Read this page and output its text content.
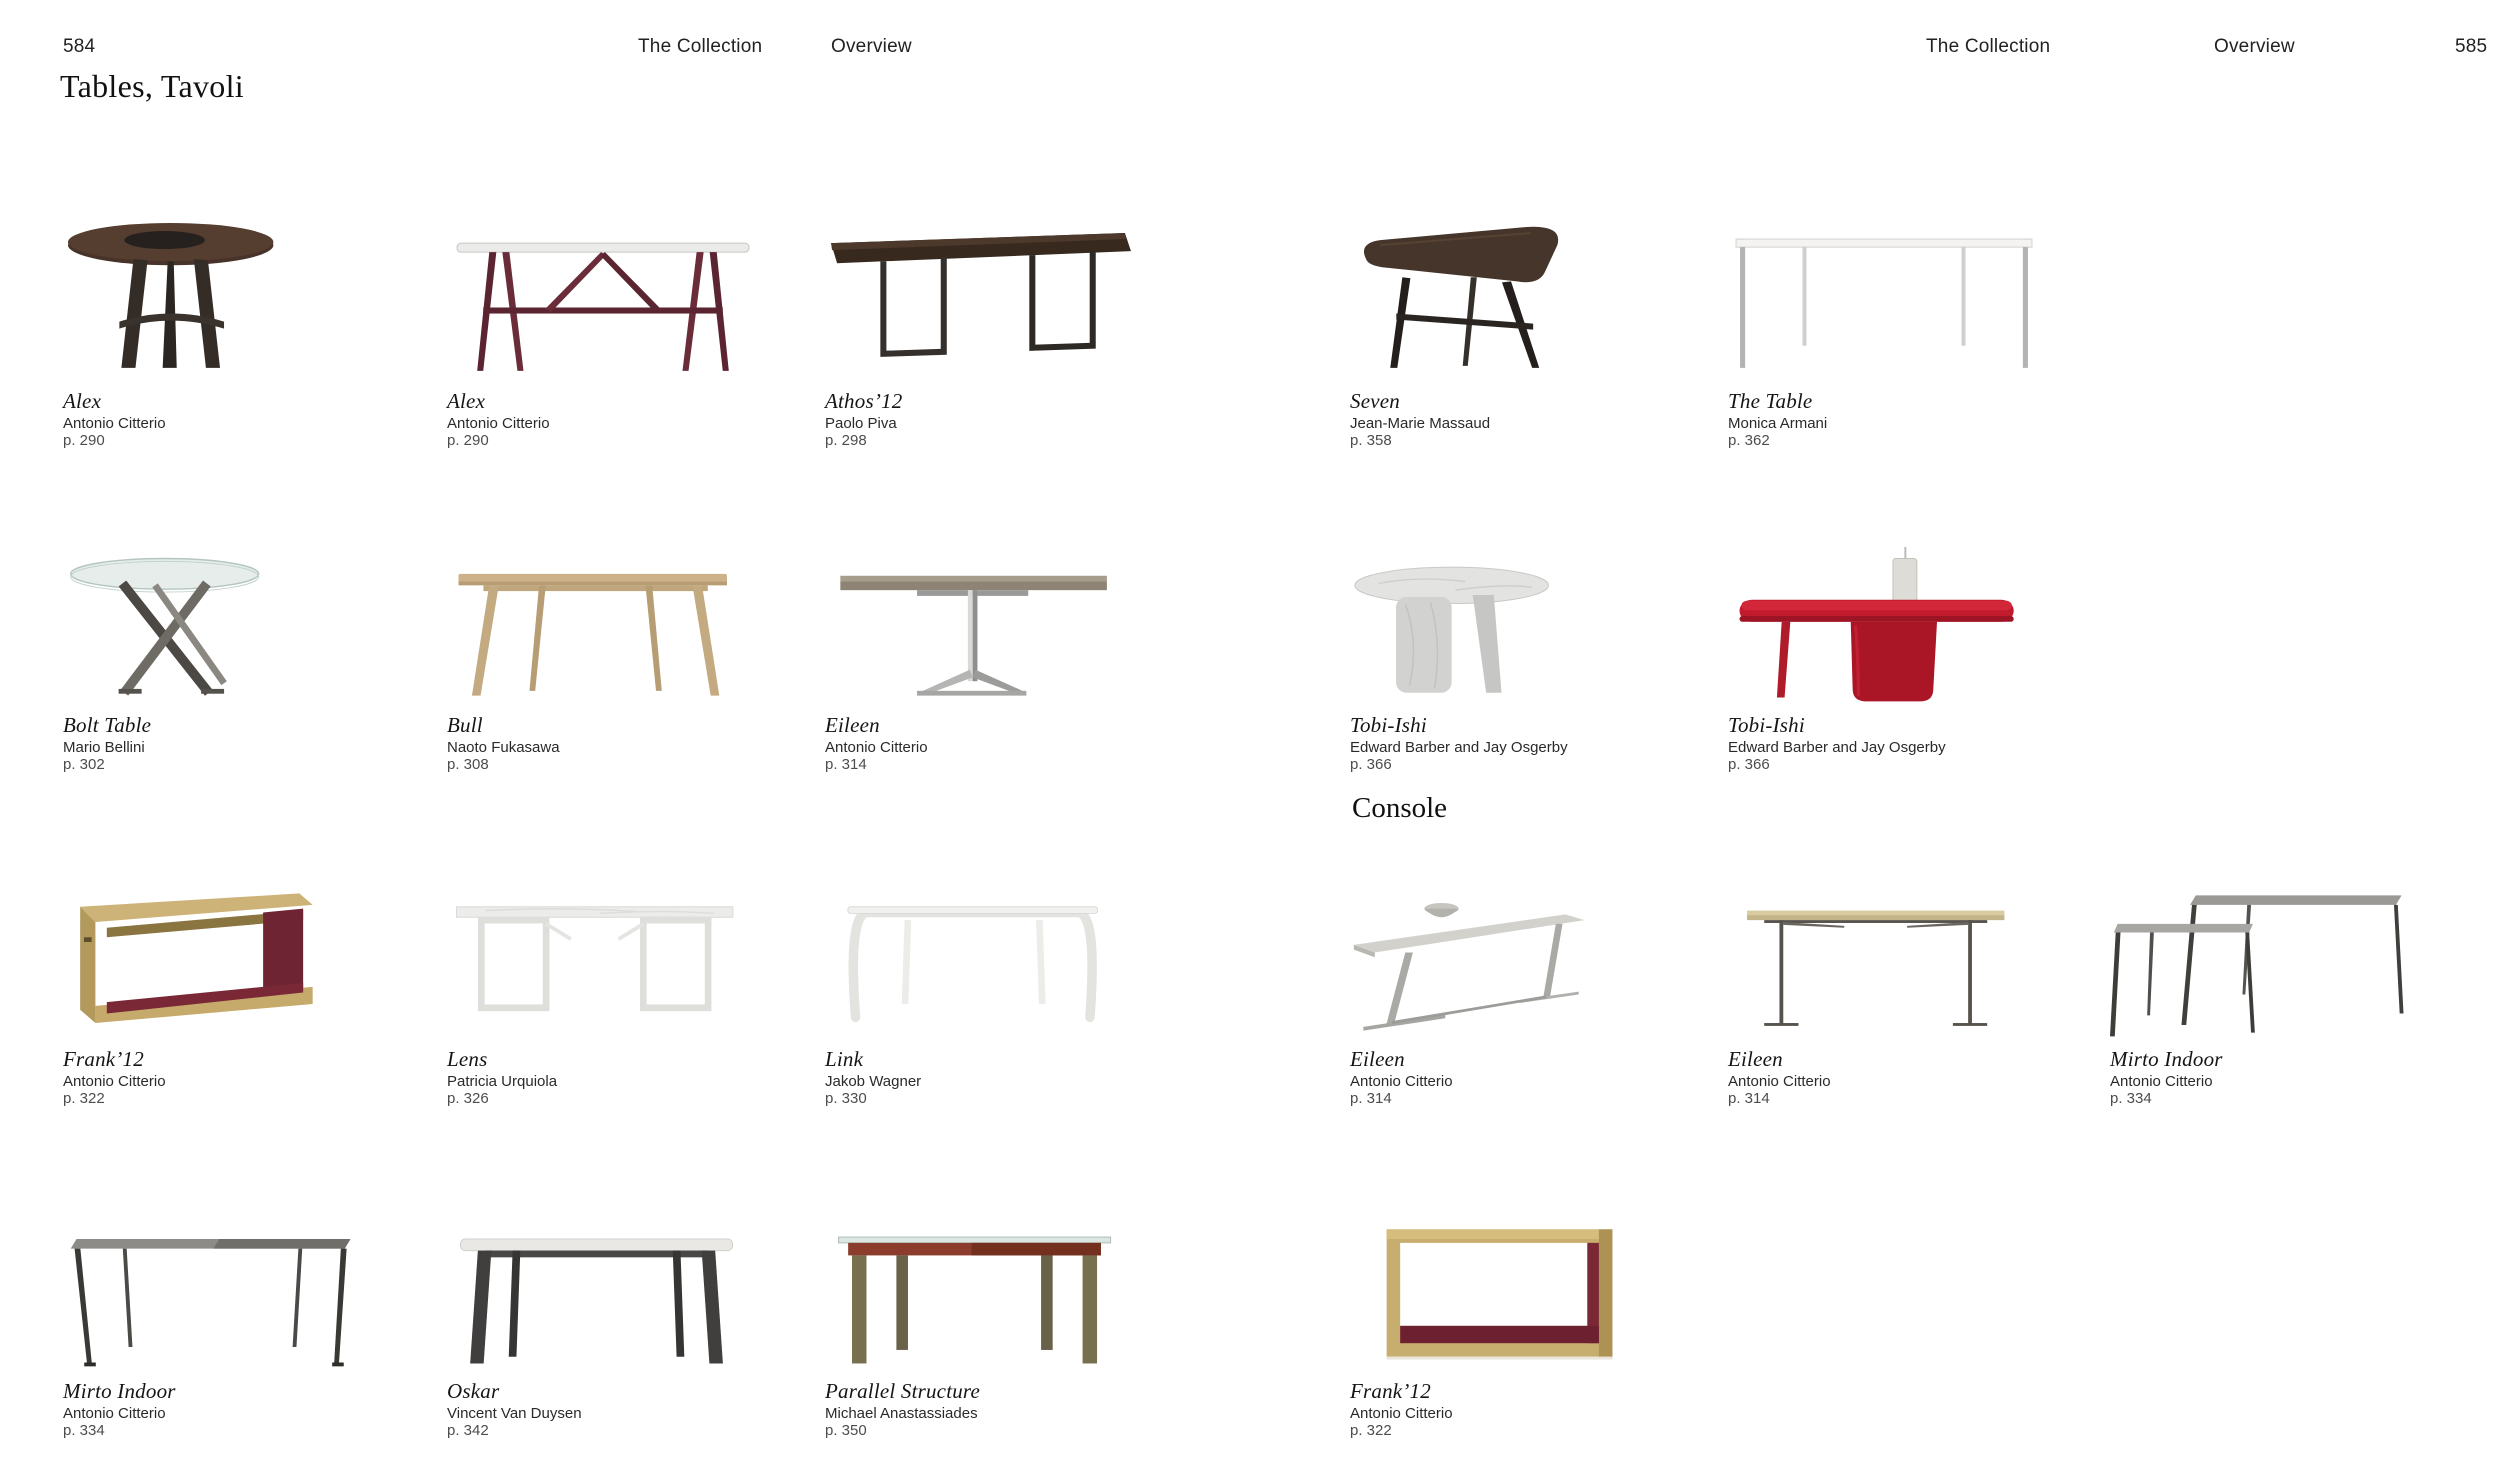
584	The Collection	Overview	The Collection	Overview	585
Tables, Tavoli
Console
Alex
Antonio Citterio
p. 290
Alex
Antonio Citterio
p. 290
Athos’12
Paolo Piva
p. 298
Seven
Jean-Marie Massaud
p. 358
The Table
Monica Armani
p. 362
Bolt Table
Mario Bellini
p. 302
Bull
Naoto Fukasawa
p. 308
Eileen
Antonio Citterio
p. 314
Tobi-Ishi
Edward Barber and Jay Osgerby
p. 366
Tobi-Ishi
Edward Barber and Jay Osgerby
p. 366
Frank’12
Antonio Citterio
p. 322
Lens
Patricia Urquiola
p. 326
Link
Jakob Wagner
p. 330
Eileen
Antonio Citterio
p. 314
Eileen
Antonio Citterio
p. 314
Mirto Indoor
Antonio Citterio
p. 334
Mirto Indoor
Antonio Citterio
p. 334
Oskar
Vincent Van Duysen
p. 342
Parallel Structure
Michael Anastassiades
p. 350
Frank’12
Antonio Citterio
p. 322
